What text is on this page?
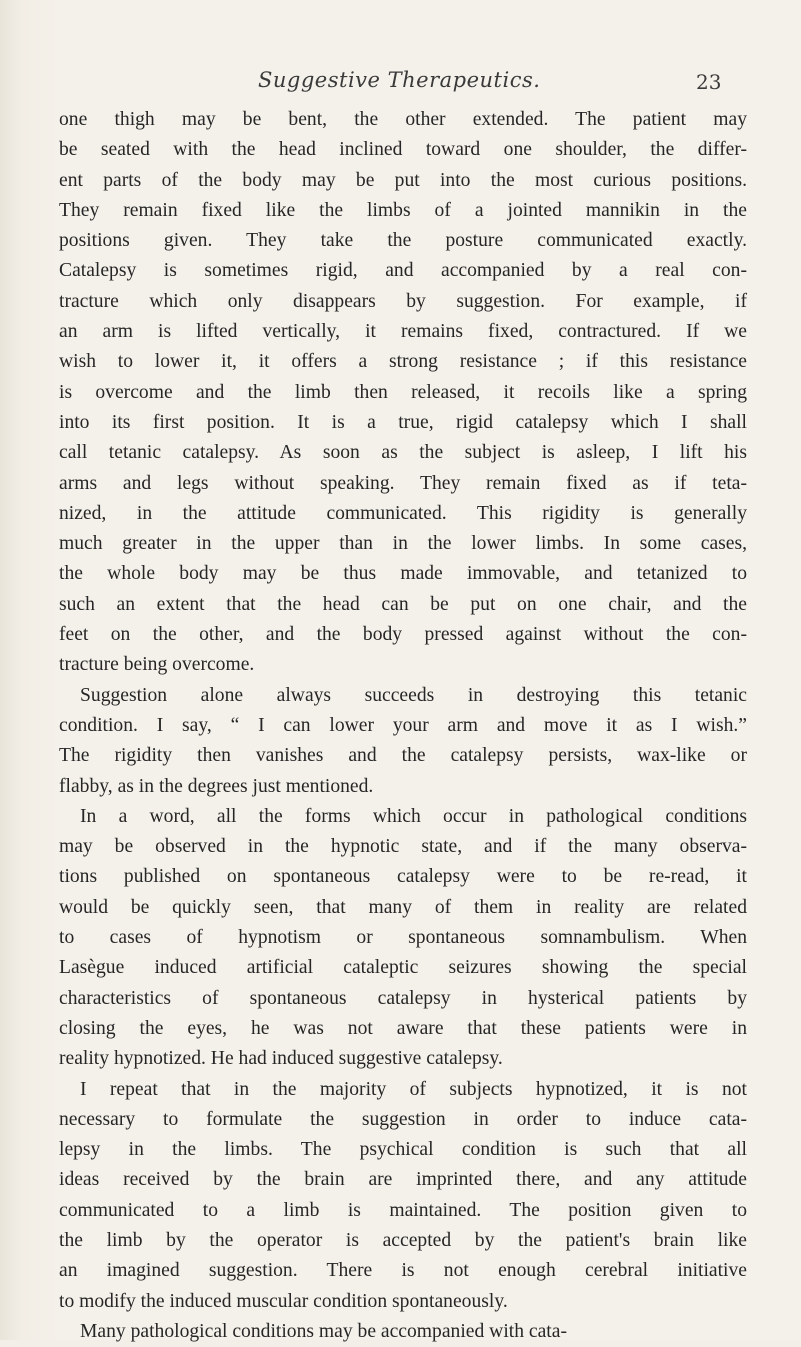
Suggestive Therapeutics.	23
one thigh may be bent, the other extended. The patient may
be seated with the head inclined toward one shoulder, the differ-
ent parts of the body may be put into the most curious positions.
They remain fixed like the limbs of a jointed mannikin in the
positions given. They take the posture communicated exactly.
Catalepsy is sometimes rigid, and accompanied by a real con-
tracture which only disappears by suggestion. For example, if
an arm is lifted vertically, it remains fixed, contractured. If we
wish to lower it, it offers a strong resistance ; if this resistance
is overcome and the limb then released, it recoils like a spring
into its first position. It is a true, rigid catalepsy which I shall
call tetanic catalepsy. As soon as the subject is asleep, I lift his
arms and legs without speaking. They remain fixed as if teta-
nized, in the attitude communicated. This rigidity is generally
much greater in the upper than in the lower limbs. In some cases,
the whole body may be thus made immovable, and tetanized to
such an extent that the head can be put on one chair, and the
feet on the other, and the body pressed against without the con-
tracture being overcome.
Suggestion alone always succeeds in destroying this tetanic
condition. I say, “ I can lower your arm and move it as I wish.”
The rigidity then vanishes and the catalepsy persists, wax-like or
flabby, as in the degrees just mentioned.
In a word, all the forms which occur in pathological conditions
may be observed in the hypnotic state, and if the many observa-
tions published on spontaneous catalepsy were to be re-read, it
would be quickly seen, that many of them in reality are related
to cases of hypnotism or spontaneous somnambulism. When
Lasègue induced artificial cataleptic seizures showing the special
characteristics of spontaneous catalepsy in hysterical patients by
closing the eyes, he was not aware that these patients were in
reality hypnotized. He had induced suggestive catalepsy.
I repeat that in the majority of subjects hypnotized, it is not
necessary to formulate the suggestion in order to induce cata-
lepsy in the limbs. The psychical condition is such that all
ideas received by the brain are imprinted there, and any attitude
communicated to a limb is maintained. The position given to
the limb by the operator is accepted by the patient's brain like
an imagined suggestion. There is not enough cerebral initiative
to modify the induced muscular condition spontaneously.
Many pathological conditions may be accompanied with cata-
